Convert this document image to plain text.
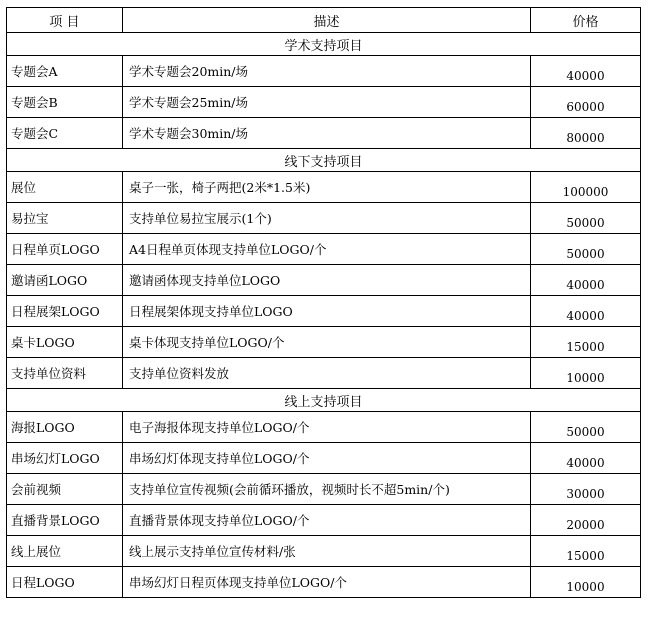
项 目	描述	价格
学术支持项目		
专题会A	学术专题会20min/场	40000
专题会B	学术专题会25min/场	60000
专题会C	学术专题会30min/场	80000
线下支持项目		
展位	桌子一张，椅子两把(2米*1.5米)	100000
易拉宝	支持单位易拉宝展示(1个)	50000
日程单页LOGO	A4日程单页体现支持单位LOGO/个	50000
邀请函LOGO	邀请函体现支持单位LOGO	40000
日程展架LOGO	日程展架体现支持单位LOGO	40000
桌卡LOGO	桌卡体现支持单位LOGO/个	15000
支持单位资料	支持单位资料发放	10000
线上支持项目		
海报LOGO	电子海报体现支持单位LOGO/个	50000
串场幻灯LOGO	串场幻灯体现支持单位LOGO/个	40000
会前视频	支持单位宣传视频(会前循环播放，视频时长不超5min/个)	30000
直播背景LOGO	直播背景体现支持单位LOGO/个	20000
线上展位	线上展示支持单位宣传材料/张	15000
日程LOGO	串场幻灯日程页体现支持单位LOGO/个	10000
